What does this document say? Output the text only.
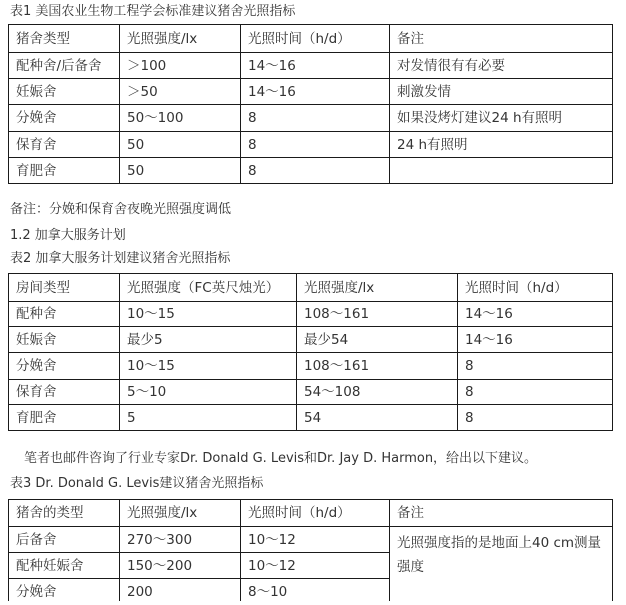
表1 美国农业生物工程学会标准建议猪舍光照指标
猪舍类型	光照强度/lx	光照时间（h/d）	备注
配种舍/后备舍	＞100	14～16	对发情很有有必要
妊娠舍	＞50	14～16	刺激发情
分娩舍	50～100	8	如果没烤灯建议24 h有照明
保育舍	50	8	24 h有照明
育肥舍	50	8	
备注：分娩和保育舍夜晚光照强度调低
1.2 加拿大服务计划
表2 加拿大服务计划建议猪舍光照指标
房间类型	光照强度（FC英尺烛光）	光照强度/lx	光照时间（h/d）
配种舍	10～15	108～161	14～16
妊娠舍	最少5	最少54	14～16
分娩舍	10～15	108～161	8
保育舍	5～10	54～108	8
育肥舍	5	54	8
笔者也邮件咨询了行业专家Dr. Donald G. Levis和Dr. Jay D. Harmon，给出以下建议。
表3 Dr. Donald G. Levis建议猪舍光照指标
猪舍的类型	光照强度/lx	光照时间（h/d）	备注
后备舍	270～300	10～12	光照强度指的是地面上40 cm测量强度
配种妊娠舍	150～200	10～12	
分娩舍	200	8～10	
